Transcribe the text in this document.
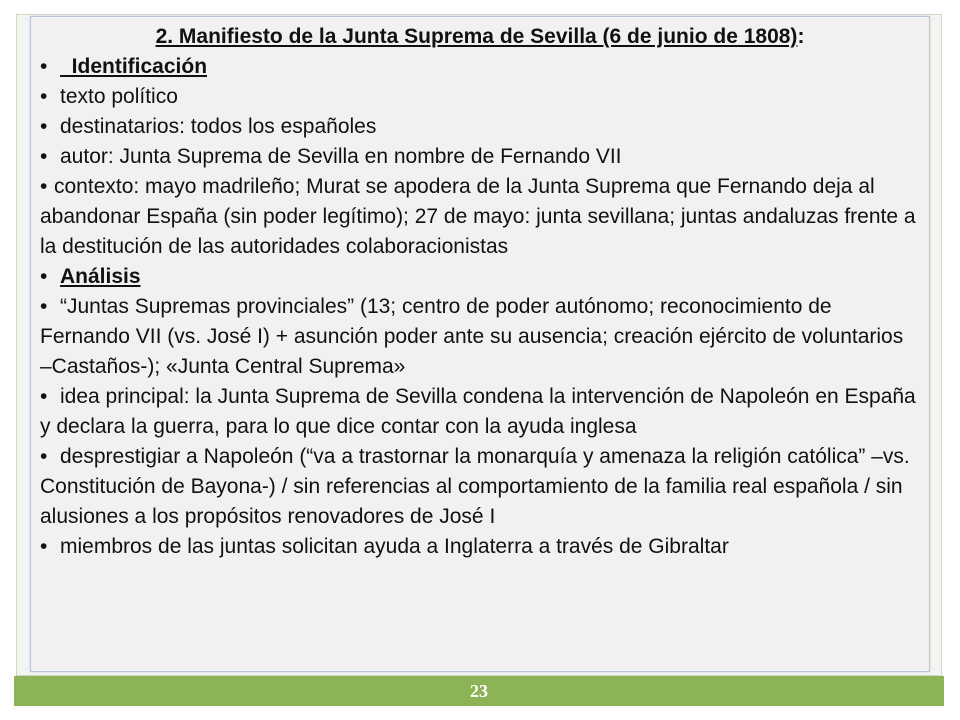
2. Manifiesto de la Junta Suprema de Sevilla (6 de junio de 1808):

•  Identificación
• texto político
• destinatarios: todos los españoles
• autor: Junta Suprema de Sevilla en nombre de Fernando VII
• contexto: mayo madrileño; Murat se apodera de la Junta Suprema que Fernando deja al abandonar España (sin poder legítimo); 27 de mayo: junta sevillana; juntas andaluzas frente a la destitución de las autoridades colaboracionistas
• Análisis
• “Juntas Supremas provinciales” (13; centro de poder autónomo; reconocimiento de Fernando VII (vs. José I) + asunción poder ante su ausencia; creación ejército de voluntarios –Castaños-); «Junta Central Suprema»
• idea principal: la Junta Suprema de Sevilla condena la intervención de Napoleón en España y declara la guerra, para lo que dice contar con la ayuda inglesa
• desprestigiar a Napoleón (“va a trastornar la monarquía y amenaza la religión católica” –vs. Constitución de Bayona-) / sin referencias al comportamiento de la familia real española / sin alusiones a los propósitos renovadores de José I
• miembros de las juntas solicitan ayuda a Inglaterra a través de Gibraltar
23
